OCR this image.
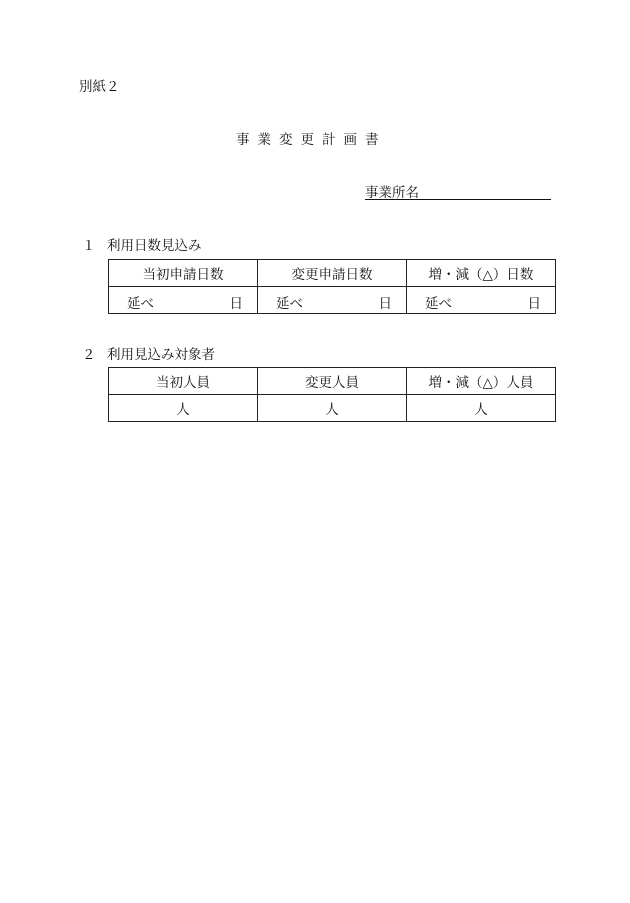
別紙２
事業変更計画書
事業所名
１ 利用日数見込み
当初申請日数	変更申請日数	増・減（△）日数

延べ 日	延べ 日	延べ 日
２ 利用見込み対象者
当初人員	変更人員	増・減（△）人員
人	人	人
